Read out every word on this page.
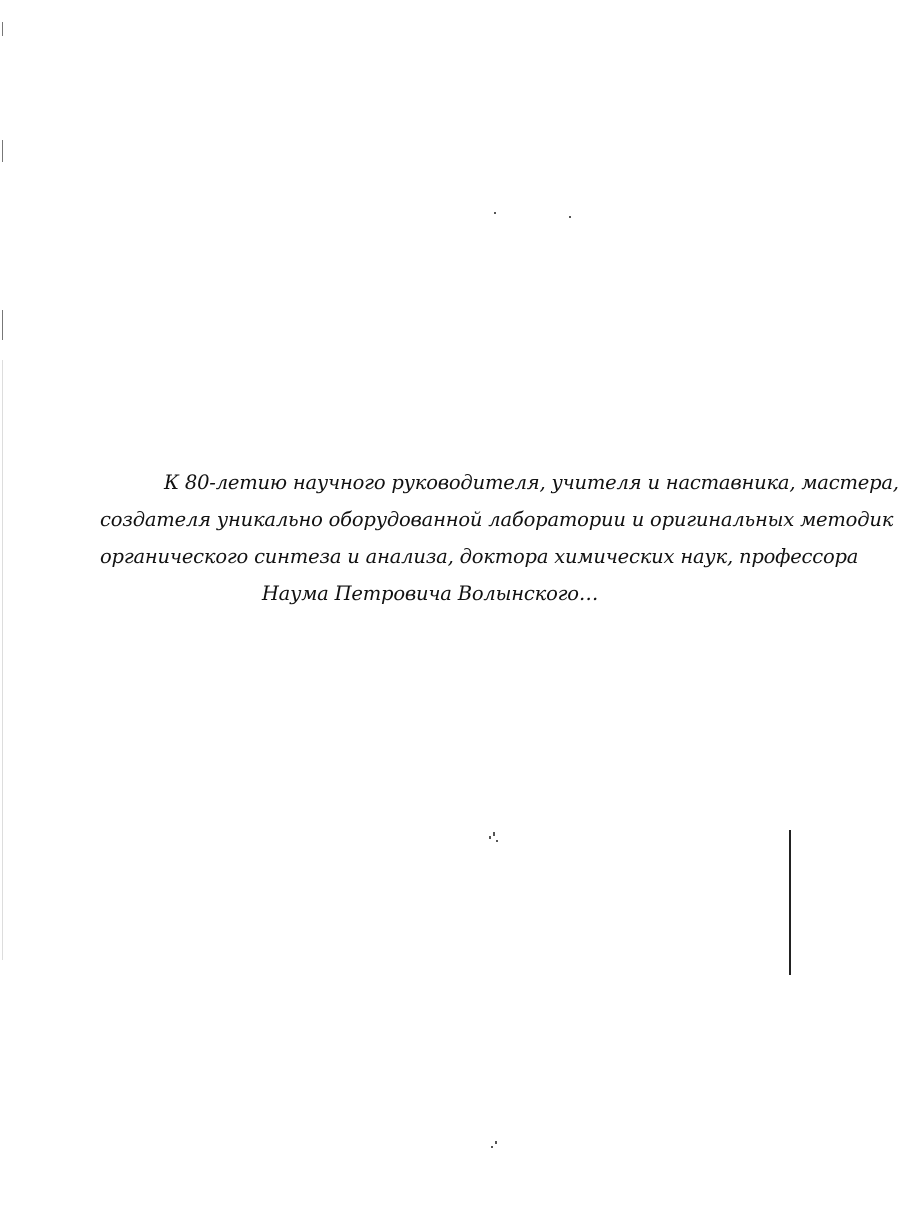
К 80-летию научного руководителя, учителя и наставника, мастера,
создателя уникально оборудованной лаборатории и оригинальных методик
органического синтеза и анализа, доктора химических наук, профессора
Наума Петровича Волынского…
